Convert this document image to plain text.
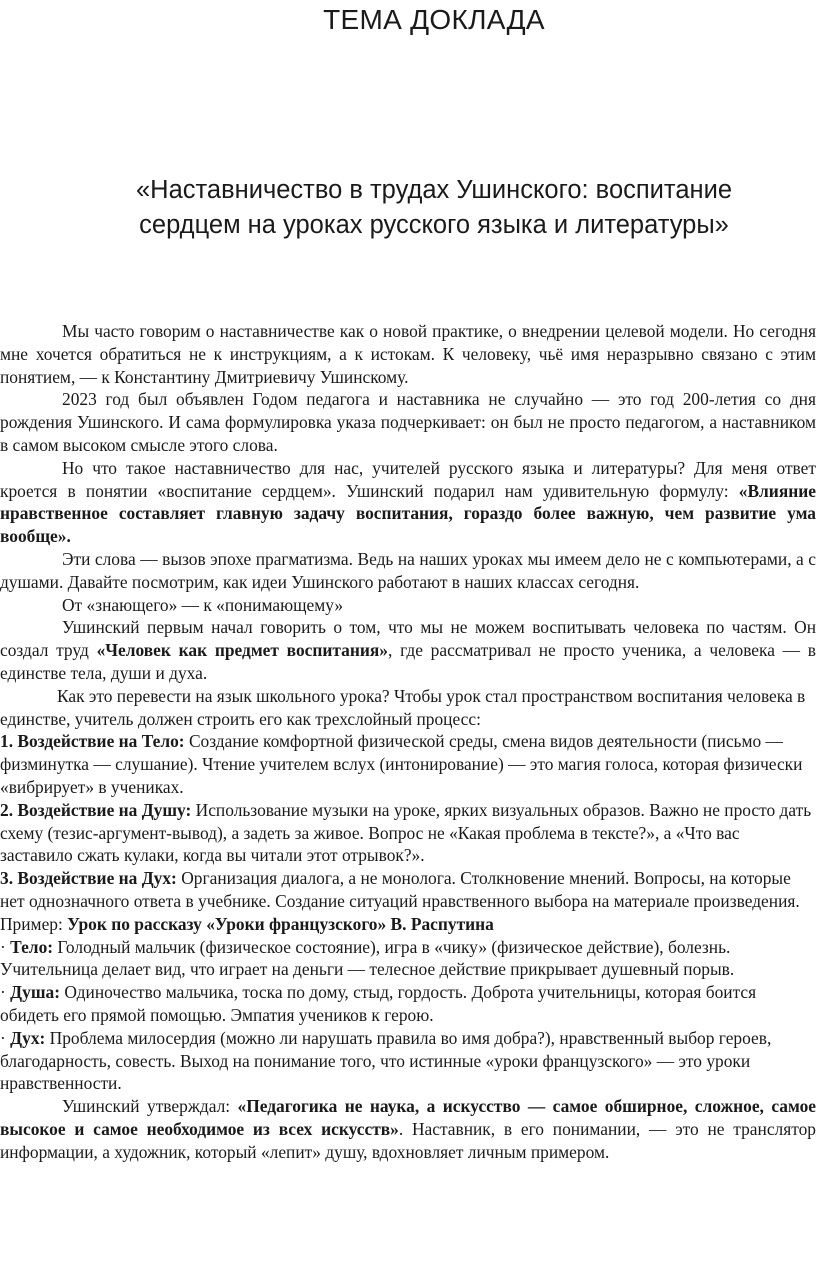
ТЕМА ДОКЛАДА
«Наставничество в трудах Ушинского: воспитание
сердцем на уроках русского языка и литературы»

Мы часто говорим о наставничестве как о новой практике, о внедрении целевой модели. Но сегодня мне хочется обратиться не к инструкциям, а к истокам. К человеку, чьё имя неразрывно связано с этим понятием, — к Константину Дмитриевичу Ушинскому.

2023 год был объявлен Годом педагога и наставника не случайно — это год 200-летия со дня рождения Ушинского. И сама формулировка указа подчеркивает: он был не просто педагогом, а наставником в самом высоком смысле этого слова.

Но что такое наставничество для нас, учителей русского языка и литературы? Для меня ответ кроется в понятии «воспитание сердцем». Ушинский подарил нам удивительную формулу: «Влияние нравственное составляет главную задачу воспитания, гораздо более важную, чем развитие ума вообще».

Эти слова — вызов эпохе прагматизма. Ведь на наших уроках мы имеем дело не с компьютерами, а с душами. Давайте посмотрим, как идеи Ушинского работают в наших классах сегодня.

От «знающего» — к «понимающему»

Ушинский первым начал говорить о том, что мы не можем воспитывать человека по частям. Он создал труд «Человек как предмет воспитания», где рассматривал не просто ученика, а человека — в единстве тела, души и духа.

Как это перевести на язык школьного урока? Чтобы урок стал пространством воспитания человека в единстве, учитель должен строить его как трехслойный процесс:

1. Воздействие на Тело: Создание комфортной физической среды, смена видов деятельности (письмо — физминутка — слушание). Чтение учителем вслух (интонирование) — это магия голоса, которая физически «вибрирует» в учениках.

2. Воздействие на Душу: Использование музыки на уроке, ярких визуальных образов. Важно не просто дать схему (тезис-аргумент-вывод), а задеть за живое. Вопрос не «Какая проблема в тексте?», а «Что вас заставило сжать кулаки, когда вы читали этот отрывок?».

3. Воздействие на Дух: Организация диалога, а не монолога. Столкновение мнений. Вопросы, на которые нет однозначного ответа в учебнике. Создание ситуаций нравственного выбора на материале произведения.

Пример: Урок по рассказу «Уроки французского» В. Распутина

· Тело: Голодный мальчик (физическое состояние), игра в «чику» (физическое действие), болезнь. Учительница делает вид, что играет на деньги — телесное действие прикрывает душевный порыв.

· Душа: Одиночество мальчика, тоска по дому, стыд, гордость. Доброта учительницы, которая боится обидеть его прямой помощью. Эмпатия учеников к герою.

· Дух: Проблема милосердия (можно ли нарушать правила во имя добра?), нравственный выбор героев, благодарность, совесть. Выход на понимание того, что истинные «уроки французского» — это уроки нравственности.

Ушинский утверждал: «Педагогика не наука, а искусство — самое обширное, сложное, самое высокое и самое необходимое из всех искусств». Наставник, в его понимании, — это не транслятор информации, а художник, который «лепит» душу, вдохновляет личным примером.
